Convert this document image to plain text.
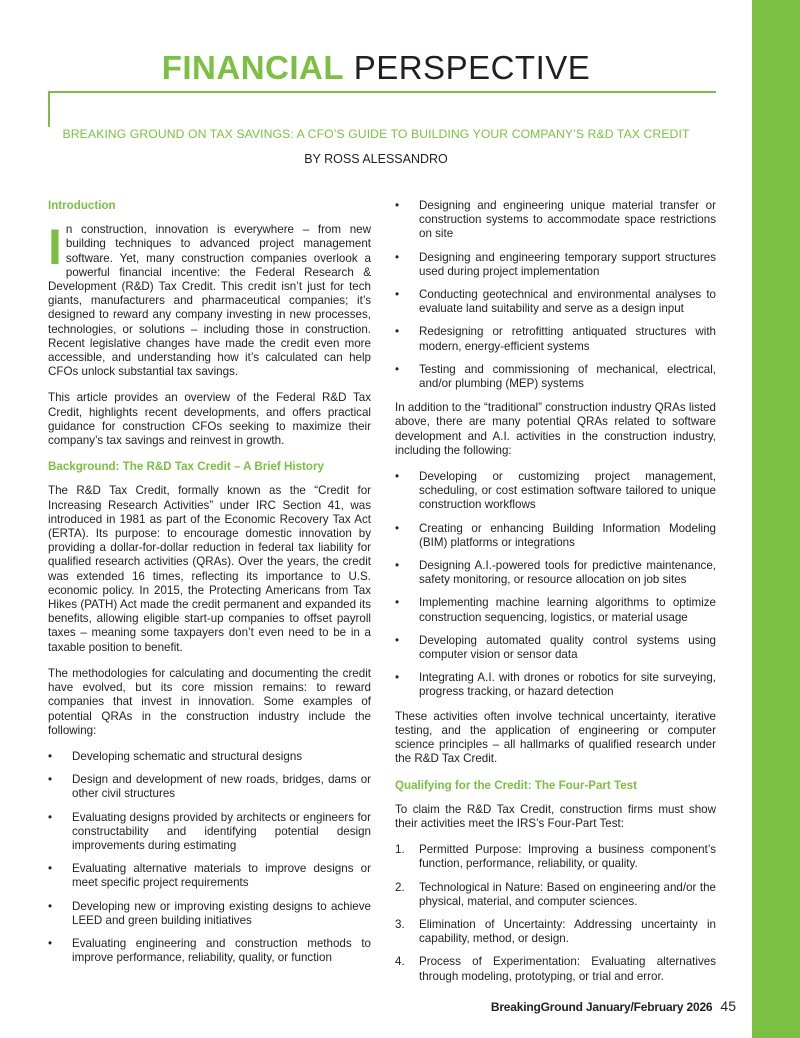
FINANCIAL PERSPECTIVE
BREAKING GROUND ON TAX SAVINGS: A CFO’S GUIDE TO BUILDING YOUR COMPANY’S R&D TAX CREDIT
BY ROSS ALESSANDRO
Introduction

In construction, innovation is everywhere – from new building techniques to advanced project management software. Yet, many construction companies overlook a powerful financial incentive: the Federal Research & Development (R&D) Tax Credit. This credit isn’t just for tech giants, manufacturers and pharmaceutical companies; it’s designed to reward any company investing in new processes, technologies, or solutions – including those in construction. Recent legislative changes have made the credit even more accessible, and understanding how it’s calculated can help CFOs unlock substantial tax savings.

This article provides an overview of the Federal R&D Tax Credit, highlights recent developments, and offers practical guidance for construction CFOs seeking to maximize their company’s tax savings and reinvest in growth.

Background: The R&D Tax Credit – A Brief History

The R&D Tax Credit, formally known as the “Credit for Increasing Research Activities” under IRC Section 41, was introduced in 1981 as part of the Economic Recovery Tax Act (ERTA). Its purpose: to encourage domestic innovation by providing a dollar-for-dollar reduction in federal tax liability for qualified research activities (QRAs). Over the years, the credit was extended 16 times, reflecting its importance to U.S. economic policy. In 2015, the Protecting Americans from Tax Hikes (PATH) Act made the credit permanent and expanded its benefits, allowing eligible start-up companies to offset payroll taxes – meaning some taxpayers don’t even need to be in a taxable position to benefit.

The methodologies for calculating and documenting the credit have evolved, but its core mission remains: to reward companies that invest in innovation. Some examples of potential QRAs in the construction industry include the following:

•	Developing schematic and structural designs
•	Design and development of new roads, bridges, dams or other civil structures
•	Evaluating designs provided by architects or engineers for constructability and identifying potential design improvements during estimating
•	Evaluating alternative materials to improve designs or meet specific project requirements
•	Developing new or improving existing designs to achieve LEED and green building initiatives
•	Evaluating engineering and construction methods to improve performance, reliability, quality, or function
•	Designing and engineering unique material transfer or construction systems to accommodate space restrictions on site
•	Designing and engineering temporary support structures used during project implementation
•	Conducting geotechnical and environmental analyses to evaluate land suitability and serve as a design input
•	Redesigning or retrofitting antiquated structures with modern, energy-efficient systems
•	Testing and commissioning of mechanical, electrical, and/or plumbing (MEP) systems

In addition to the “traditional” construction industry QRAs listed above, there are many potential QRAs related to software development and A.I. activities in the construction industry, including the following:

•	Developing or customizing project management, scheduling, or cost estimation software tailored to unique construction workflows
•	Creating or enhancing Building Information Modeling (BIM) platforms or integrations
•	Designing A.I.-powered tools for predictive maintenance, safety monitoring, or resource allocation on job sites
•	Implementing machine learning algorithms to optimize construction sequencing, logistics, or material usage
•	Developing automated quality control systems using computer vision or sensor data
•	Integrating A.I. with drones or robotics for site surveying, progress tracking, or hazard detection

These activities often involve technical uncertainty, iterative testing, and the application of engineering or computer science principles – all hallmarks of qualified research under the R&D Tax Credit.

Qualifying for the Credit: The Four-Part Test

To claim the R&D Tax Credit, construction firms must show their activities meet the IRS’s Four-Part Test:

1.	Permitted Purpose: Improving a business component’s function, performance, reliability, or quality.
2.	Technological in Nature: Based on engineering and/or the physical, material, and computer sciences.
3.	Elimination of Uncertainty: Addressing uncertainty in capability, method, or design.
4.	Process of Experimentation: Evaluating alternatives through modeling, prototyping, or trial and error.
BreakingGround January/February 2026 45
